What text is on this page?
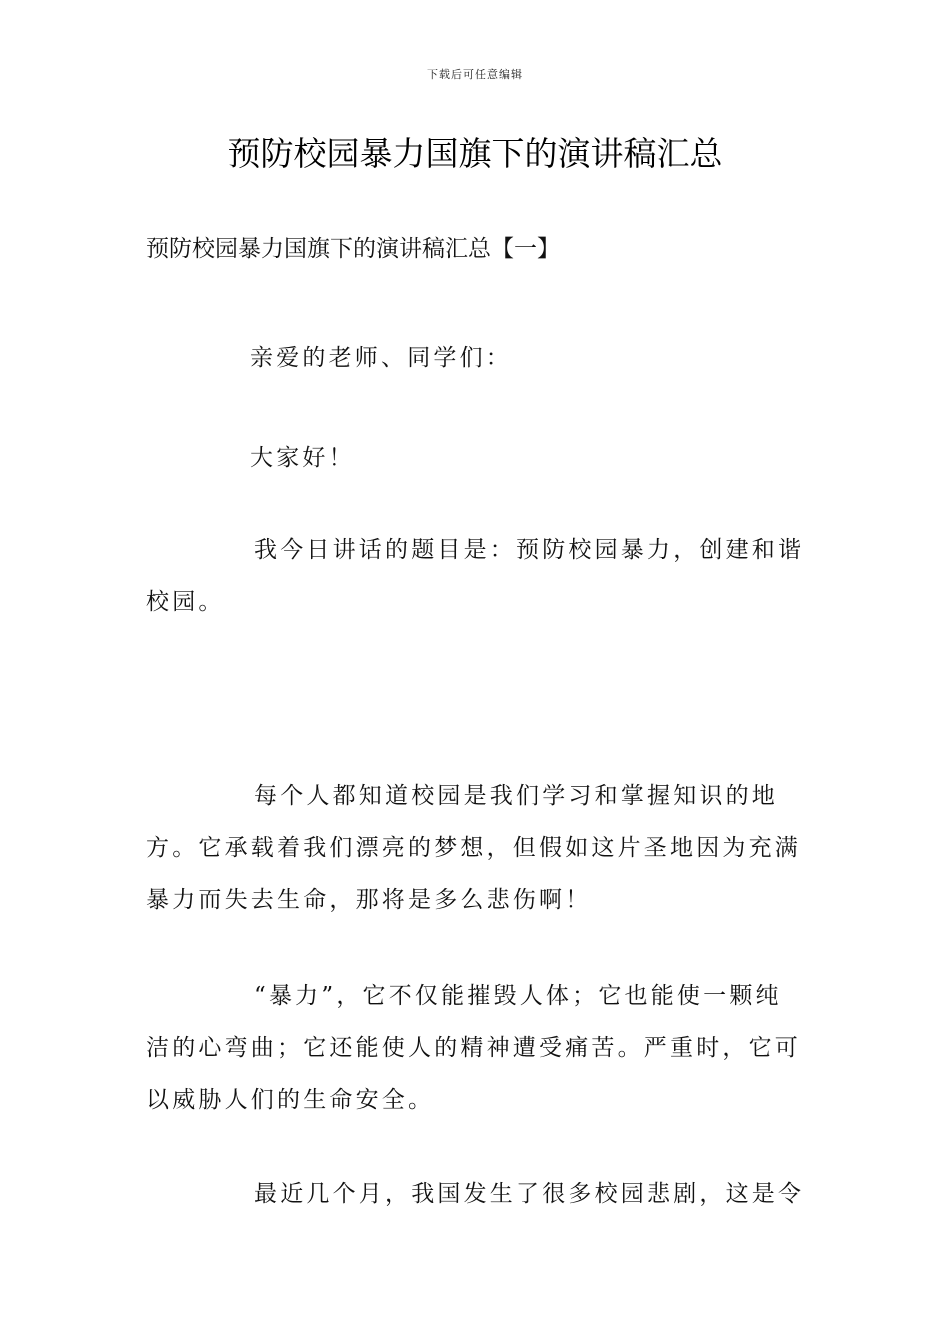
下载后可任意编辑
预防校园暴力国旗下的演讲稿汇总
预防校园暴力国旗下的演讲稿汇总【一】

亲爱的老师、同学们：

大家好！

我今日讲话的题目是：预防校园暴力，创建和谐校园。

每个人都知道校园是我们学习和掌握知识的地方。它承载着我们漂亮的梦想，但假如这片圣地因为充满暴力而失去生命，那将是多么悲伤啊！

“暴力”，它不仅能摧毁人体；它也能使一颗纯洁的心弯曲；它还能使人的精神遭受痛苦。严重时，它可以威胁人们的生命安全。

最近几个月，我国发生了很多校园悲剧，这是令
